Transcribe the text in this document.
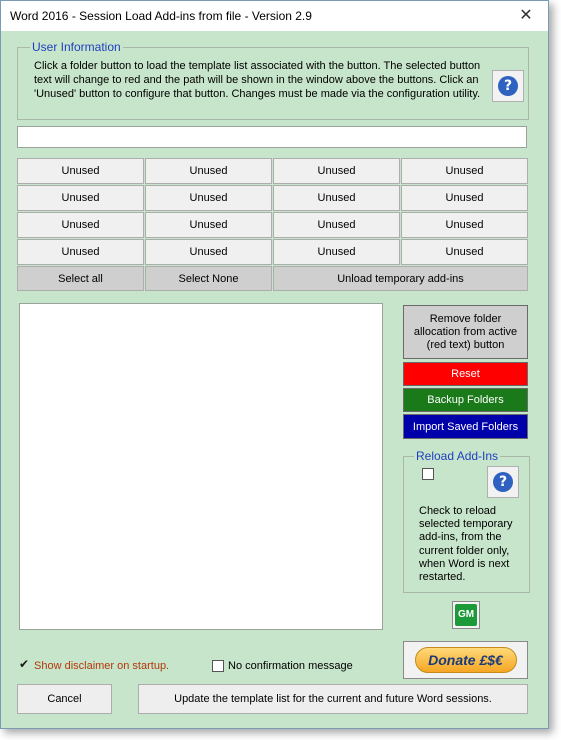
Word 2016 - Session Load Add-ins from file - Version 2.9	✕
User Information
Click a folder button to load the template list associated with the button. The selected button text will change to red and the path will be shown in the window above the buttons. Click an 'Unused' button to configure that button. Changes must be made via the configuration utility.	?
Unused	Unused	Unused	Unused
Unused	Unused	Unused	Unused
Unused	Unused	Unused	Unused
Unused	Unused	Unused	Unused
Select all	Select None	Unload temporary add-ins
Remove folder allocation from active (red text) button
Reset
Backup Folders
Import Saved Folders
Reload Add-Ins
?
Check to reload selected temporary add-ins, from the current folder only, when Word is next restarted.
GM
Donate £$€
✔ Show disclaimer on startup.	No confirmation message
Cancel	Update the template list for the current and future Word sessions.
